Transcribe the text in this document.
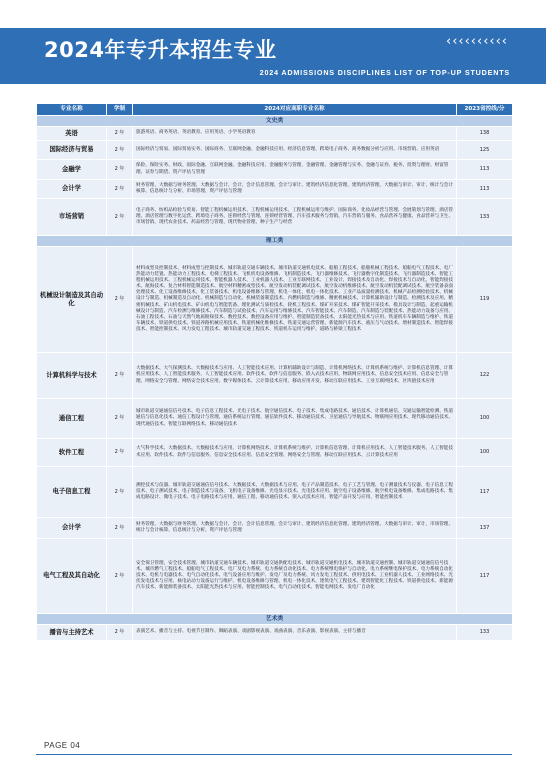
2024年专升本招生专业	‹‹‹‹‹‹‹‹‹‹
2024 ADMISSIONS DISCIPLINES LIST OF TOP-UP STUDENTS
专业名称	学制	2024对应高职专业名称	2023省控线/分
文史类			
英语	2 年	旅游英语、商务英语、英语教育、应用英语、小学英语教育	138
国际经济与贸易	2 年	国际经济与贸易、国际贸易实务、国际商务、互联网金融、金融科技应用、经济信息管理、跨境电子商务、商务数据分析与应用、市场营销、应用英语	125
金融学	2 年	保险、保险实务、财政、国际金融、互联网金融、金融科技应用、金融服务与管理、金融管理、金融管理与实务、金融与证券、税务、投资与理财、财富管理、证券与期货、资产评估与管理	113
会计学	2 年	财务管理、大数据与财务管理、大数据与会计、会计、会计信息管理、会计与审计、建筑经济信息化管理、建筑经济管理、大数据与审计、审计、统计与会计核算、信息统计与分析、市场管理、资产评估与管理	113
市场营销	2 年	电子商务、纺织品检验与贸易、智能工程机械运用技术、工程机械运用技术、工程机械运用与维护、国际商务、化妆品经营与管理、会展策划与管理、酒店管理、酒店管理与数字化运营、跨境电子商务、连锁经营与管理、连锁经营管理、汽车技术服务与营销、汽车营销与服务、食品营养与健康、食品营养与卫生、市场营销、现代农业技术、药品经营与管理、现代物业管理、种子生产与经营	133
理工类			
机械设计制造及其自动化	2 年	材料成型及控制技术、材料成型与控制技术、城市轨道交通车辆技术、城市轨道交通机电技术、船舶工程技术、船舶机械工程技术、船舶电气工程技术、电厂热能动力装置、热能动力工程技术、电梯工程技术、飞机机电设备维修、飞机制造技术、飞行器维修技术、飞行器数字化制造技术、飞行器制造技术、智能工程机械运用技术、工程机械运用技术、智能机器人技术、工业机器人技术、工业互联网技术、工业设计、焊接技术及自动化、焊接技术与自动化、智能焊接技术、航海技术、复合材料智能制造技术、航空材料精密成型技术、航空发动机装配调试技术、航空发动机维修技术、航空发动机装配调试技术、航空装备表面处理技术、化工设备维修技术、化工装备技术、机电设备维修与管理、机电一体化、机电一体化技术、工业产品质量检测技术、机械产品检测检验技术、机械设计与制造、机械制造及自动化、机械制造与自动化、机械装备制造技术、内燃机制造与维修、精密机械技术、计算机辅助设计与制造、检测技术及应用、精密机械技术、矿山机电技术、矿山机电与智能装备、理化测试与质检技术、轮机工程技术、煤矿开采技术、煤矿智能开采技术、模具设计与制造、起重运输机械设计与制造、汽车检测与维修技术、汽车制造与试验技术、汽车运用与维修技术、汽车智能技术、汽车制造、汽车制造与装配技术、热能动力设备与应用、石油工程技术、石油与天然气地质勘探技术、数控技术、数控设备应用与维护、智能制造装备技术、太阳能光热技术与应用、铁道机车车辆制造与维护、铁道车辆技术、铁道供电技术、铁道养路机械应用技术、铁道机械化维修技术、铁道交通运营管理、新能源汽车技术、液压与气动技术、增材制造技术、智能焊接技术、智能控制技术、风力发电工程技术、城市轨道交通工程技术、铁道机车运用与维护、道路与桥梁工程技术	119
计算机科学与技术	2 年	大数据技术、大气探测技术、大数据技术与应用、人工智能技术应用、计算机辅助设计与制造、计算机网络技术、计算机系统与维护、计算机信息管理、计算机应用技术、人工智能技术服务、人工智能技术应用、软件技术、软件与信息服务、嵌入式技术应用、物联网应用技术、信息安全技术应用、信息安全与管理、网络安全与管理、网络安全技术应用、数字媒体技术、云计算技术应用、移动应用开发、移动互联应用技术、工业互联网技术、区块链技术应用	122
通信工程	2 年	城市轨道交通通信信号技术、电子信息工程技术、光电子技术、航空通信技术、电子技术、集成电路技术、通信技术、计算机通信、交通运输智能检测、铁道通信与信息化技术、通信工程设计与管理、通信系统运行管理、通信软件技术、移动通信技术、卫星通信与导航技术、物联网应用技术、现代移动通信技术、现代通信技术、智能互联网络技术、移动通信技术	100
软件工程	2 年	大气科学技术、大数据技术、大数据技术与应用、计算机网络技术、计算机系统与维护、计算机信息管理、计算机应用技术、人工智能技术服务、人工智能技术应用、软件技术、软件与信息服务、信息安全技术应用、信息安全管理、网络安全与管理、移动互联应用技术、云计算技术应用	100
电子信息工程	2 年	测控技术与仪器、城市轨道交通通信信号技术、大数据技术、大数据技术与应用、电子产品制造技术、电子工艺与管理、电子测量技术与仪器、电子信息工程技术、电子测试技术、电子制造技术与设备、飞机电子设备维修、光电显示技术、光电技术应用、航空电子设备维修、航空机电设备维修、集成电路技术、集成电路设计、微电子技术、电子电路技术与应用、通信工程、移动通信技术、嵌入式技术应用、智能产品开发与应用、智能控制技术	117
会计学	2 年	财务管理、大数据与财务管理、大数据与会计、会计、会计信息管理、会计与审计、建筑经济信息化管理、建筑经济管理、大数据与审计、审计、市场管理、统计与会计核算、信息统计与分析、资产评估与管理	137
电气工程及其自动化	2 年	安全保卫管理、安全技术管理、城市轨道交通车辆技术、城市轨道交通供配电技术、城市轨道交通机电技术、城市轨道交通控制、城市轨道交通通信信号技术、城市燃气工程技术、船舶电气工程技术、电厂及电力系统、电力系统自动化技术、电力系统继电保护与自动化、电力系统继电保护技术、电力系统自动化技术、电机与电器技术、电气自动化技术、电气设备应用与维护、发电厂及电力系统、风力发电工程技术、供用电技术、工业机器人技术、工业网络技术、光伏发电技术与应用、核电站动力设备运行与维护、机电设备维修与管理、机电一体化技术、建筑电气工程技术、建筑智能化工程技术、铁道供电技术、新能源汽车技术、新能源装备技术、太阳能光热技术与应用、智能控制技术、电气自动化技术、智能电网技术、发电厂自动化	117
艺术类			
播音与主持艺术	2 年	表演艺术、播音与主持、电视节目制作、舞蹈表演、戏剧影视表演、戏曲表演、音乐表演、影视表演、主持与播音	133
PAGE 04
